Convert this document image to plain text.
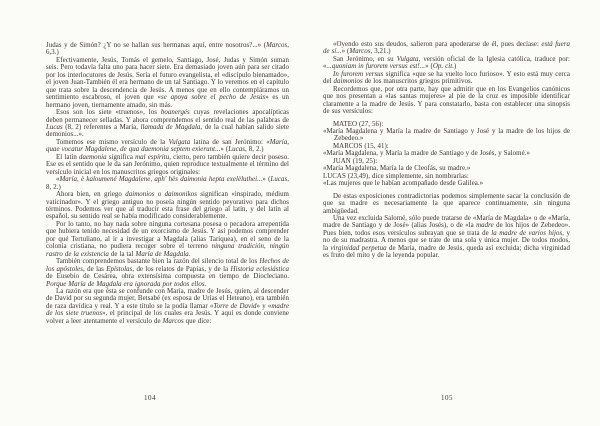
Judas y de Simón? ¿Y no se hallan sus hermanas aquí, entre nosotros?...» (Marcos, 6,3.)

Efectivamente, Jesús, Tomás el gemelo, Santiago, José, Judas y Simón suman seis. Pero todavía falta uno para hacer siete. Era demasiado joven aún para ser citado por los interlocutores de Jesús. Sería el futuro evangelista, el «discípulo bienamado», el joven Juan-También él era hermano de un tal Santiago. Y lo veremos en el capítulo que trata sobre la descendencia de Jesús. A menos que en ello contempláramos un sentimiento escabroso, el joven que «se apoya sobre el pecho de Jesús» es un hermano joven, tiernamente amado, sin más.

Esos son los siete «truenos», los boanergés cuyas revelaciones apocalípticas deben permanecer selladas. Y ahora comprendemos el sentido real de las palabras de Lucas (8, 2) referentes a María, llamada de Magdala, de la cual habían salido siete demonios...».

Tomemos ese mismo versículo de la Vulgata latina de san Jerónimo: «María, quae vocatur Magdalene, de qua daemonia septem exierunt...» (Lucas, 8, 2.)

El latín daemonia significa mal espíritu, cierto, pero también quiere decir poseso. Ese es el sentido que le da san Jerónimo, quien reproduce textualmente el término del versículo inicial en los manuscritos griegos originales:

«María, è kaloumené Magdalene, aph' hès daimonia hepta exelèluthei...» (Lucas, 8, 2.)

Ahora bien, en griego daimonios o daimonikos significan «inspirado, médium vaticinador». Y el griego antiguo no poseía ningún sentido peyorativo para dichos términos. Podemos ver que al traducir esta frase del griego al latín, y del latín al español, su sentido real se había modificado considerablemente.

Por lo tanto, no hay nada sobre ninguna cortesana posesa o pecadora arrepentida que hubiera tenido necesidad de un exorcismo de Jesús. Y así podemos comprender por qué Tertuliano, al ir a investigar a Magdala (alias Tariquea), en el seno de la colonia cristiana, no pudiera recoger sobre el terreno ninguna tradición, ningún rastro de la existencia de la tal María de Magdala.

También comprendemos bastante bien la razón del silencio total de los Hechos de los apóstoles, de las Epístolas, de los relatos de Papías, y de la Historia eclesiástica de Eusebio de Cesárea, obra extensísima compuesta en tiempo de Diocleciano. Porque María de Magdala era ignorada por todos ellos.

La razón era que ésta se confunde con María, madre de Jesús, quien, al descender de David por su segunda mujer, Betsabé (ex esposa de Urías el Heteano), era también de raza davídica y real. Y a este título se la podía llamar «Torre de David» y «madre de los siete truenos», el principal de los cuales era Jesús. Y aquí es donde conviene volver a leer atentamente el versículo de Marcos que dice:

«Oyendo esto sus deudos, salieron para apoderarse de él, pues decíase: está fuera de sí...» (Marcos, 3,21.)

San Jerónimo, en su Vulgata, versión oficial de la Iglesia católica, traduce por: «...quoniam in furorem versus est!...» (Op. cit.)

In furorem versus significa «que se ha vuelto loco furioso». Y esto está muy cerca del daimonios de los manuscritos griegos primitivos.

Recordemos que, por otra parte, hay que admitir que en los Evangelios canónicos que nos presentan a «las santas mujeres» al pie de la cruz es imposible identificar claramente a la madre de Jesús. Y para constatarlo, basta con establecer una sinopsis de sus versículos:

MATEO (27, 56):

«María Magdalena y María la madre de Santiago y José y la madre de los hijos de Zebedeo.»

MARCOS (15, 41):

«María Magdalena, y María la madre de Santiago y de Josés, y Salomé.»

JUAN (19, 25):

«María Magdalena, María la de Cleofás, su madre.»

LUCAS (23,49), dice simplemente, sin nombrarlas:

«Las mujeres que le habían acompañado desde Galilea.»

De estas exposiciones contradictorias podemos simplemente sacar la conclusión de que su madre es necesariamente la que aparece continuamente, sin ninguna ambigüedad.

Una vez excluida Salomé, sólo puede tratarse de «María de Magdala» o de «María, madre de Santiago y de José» (alias Josés), o de «la madre de los hijos de Zebedeo». Pues bien, todos esos versículos subrayan que se trata de la madre de varios hijos, y no de su madrastra. A menos que se trate de una sola y única mujer. De todos modos, la virginidad perpetua de María, madre de Jesús, queda así excluida; dicha virginidad es fruto del mito y de la leyenda popular.

104	105
